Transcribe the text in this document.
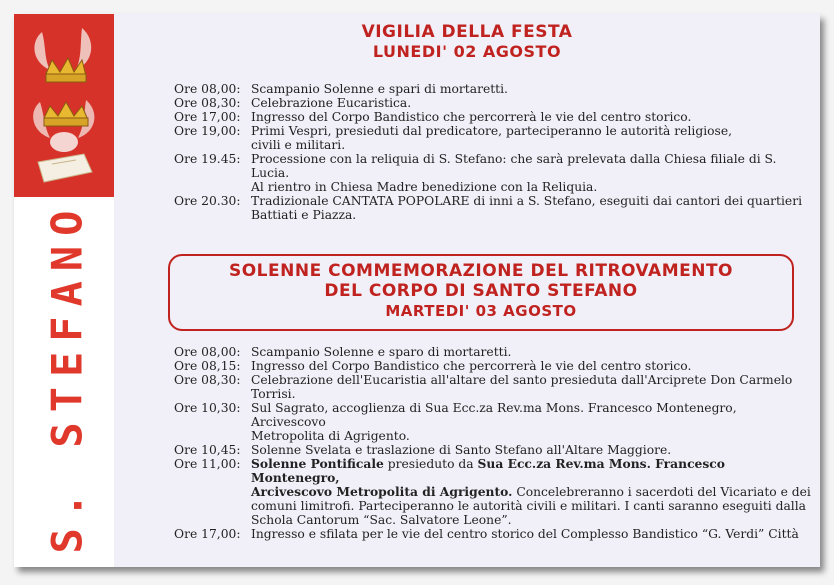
S. STEFANO
VIGILIA DELLA FESTA
LUNEDI' 02 AGOSTO
Ore 08,00: Scampanio Solenne e spari di mortaretti.
Ore 08,30: Celebrazione Eucaristica.
Ore 17,00: Ingresso del Corpo Bandistico che percorrerà le vie del centro storico.
Ore 19,00: Primi Vespri, presieduti dal predicatore, parteciperanno le autorità religiose,
civili e militari.
Ore 19.45: Processione con la reliquia di S. Stefano: che sarà prelevata dalla Chiesa filiale di S. Lucia.
Al rientro in Chiesa Madre benedizione con la Reliquia.
Ore 20.30: Tradizionale CANTATA POPOLARE di inni a S. Stefano, eseguiti dai cantori dei quartieri
Battiati e Piazza.
SOLENNE COMMEMORAZIONE DEL RITROVAMENTO
DEL CORPO DI SANTO STEFANO
MARTEDI' 03 AGOSTO
Ore 08,00: Scampanio Solenne e sparo di mortaretti.
Ore 08,15: Ingresso del Corpo Bandistico che percorrerà le vie del centro storico.
Ore 08,30: Celebrazione dell'Eucaristia all'altare del santo presieduta dall'Arciprete Don Carmelo
Torrisi.
Ore 10,30: Sul Sagrato, accoglienza di Sua Ecc.za Rev.ma Mons. Francesco Montenegro, Arcivescovo
Metropolita di Agrigento.
Ore 10,45: Solenne Svelata e traslazione di Santo Stefano all'Altare Maggiore.
Ore 11,00: Solenne Pontificale presieduto da Sua Ecc.za Rev.ma Mons. Francesco Montenegro,
Arcivescovo Metropolita di Agrigento. Concelebreranno i sacerdoti del Vicariato e dei
comuni limitrofi. Parteciperanno le autorità civili e militari. I canti saranno eseguiti dalla
Schola Cantorum “Sac. Salvatore Leone”.
Ore 17,00: Ingresso e sfilata per le vie del centro storico del Complesso Bandistico “G. Verdi” Città
